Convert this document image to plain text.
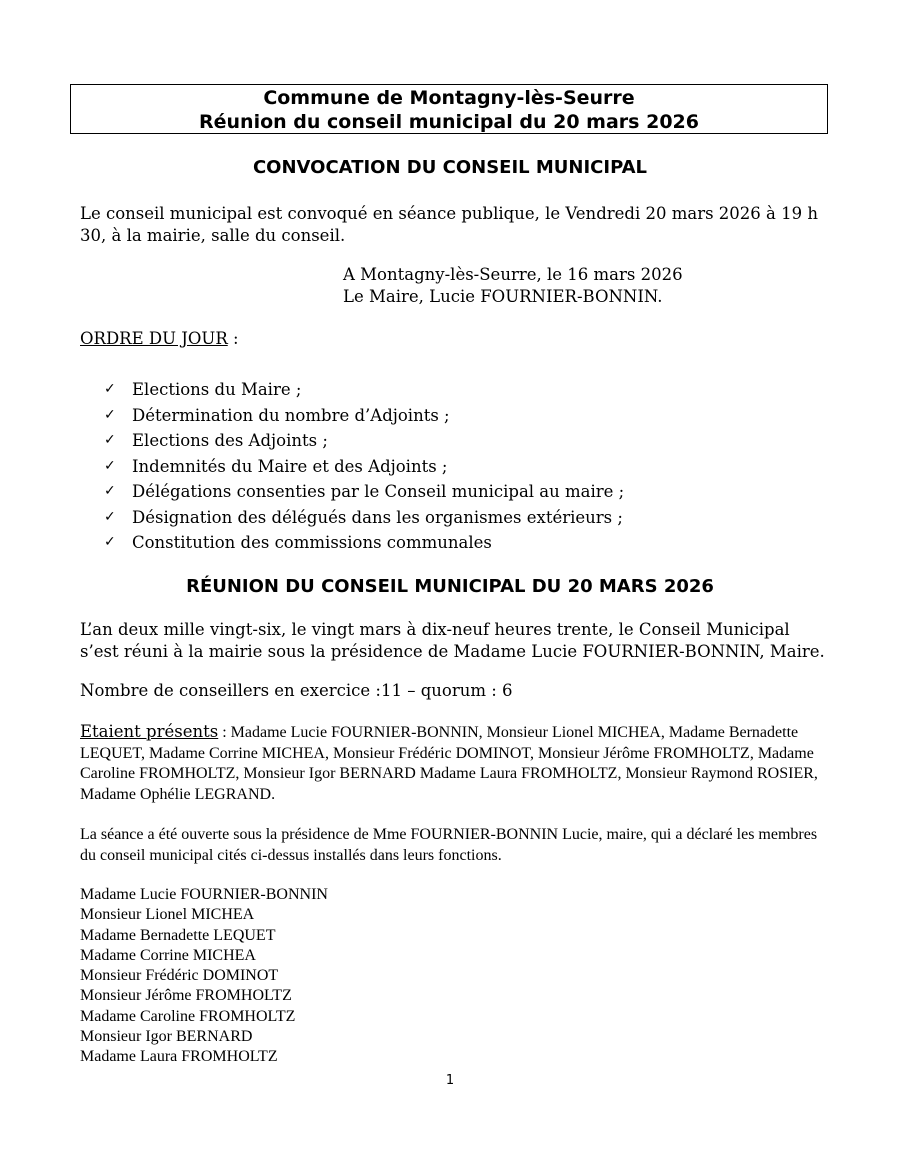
Commune de Montagny-lès-Seurre
Réunion du conseil municipal du 20 mars 2026
CONVOCATION DU CONSEIL MUNICIPAL
Le conseil municipal est convoqué en séance publique, le Vendredi 20 mars 2026 à 19 h 30, à la mairie, salle du conseil.
A Montagny-lès-Seurre, le 16 mars 2026
Le Maire, Lucie FOURNIER-BONNIN.
ORDRE DU JOUR :
✓ Elections du Maire ;
✓ Détermination du nombre d’Adjoints ;
✓ Elections des Adjoints ;
✓ Indemnités du Maire et des Adjoints ;
✓ Délégations consenties par le Conseil municipal au maire ;
✓ Désignation des délégués dans les organismes extérieurs ;
✓ Constitution des commissions communales
RÉUNION DU CONSEIL MUNICIPAL DU 20 MARS 2026
L’an deux mille vingt-six, le vingt mars à dix-neuf heures trente, le Conseil Municipal s’est réuni à la mairie sous la présidence de Madame Lucie FOURNIER-BONNIN, Maire.
Nombre de conseillers en exercice :11 – quorum : 6
Etaient présents : Madame Lucie FOURNIER-BONNIN, Monsieur Lionel MICHEA, Madame Bernadette LEQUET, Madame Corrine MICHEA, Monsieur Frédéric DOMINOT, Monsieur Jérôme FROMHOLTZ, Madame Caroline FROMHOLTZ, Monsieur Igor BERNARD Madame Laura FROMHOLTZ, Monsieur Raymond ROSIER, Madame Ophélie LEGRAND.
La séance a été ouverte sous la présidence de Mme FOURNIER-BONNIN Lucie, maire, qui a déclaré les membres du conseil municipal cités ci-dessus installés dans leurs fonctions.
Madame Lucie FOURNIER-BONNIN
Monsieur Lionel MICHEA
Madame Bernadette LEQUET
Madame Corrine MICHEA
Monsieur Frédéric DOMINOT
Monsieur Jérôme FROMHOLTZ
Madame Caroline FROMHOLTZ
Monsieur Igor BERNARD
Madame Laura FROMHOLTZ
1
